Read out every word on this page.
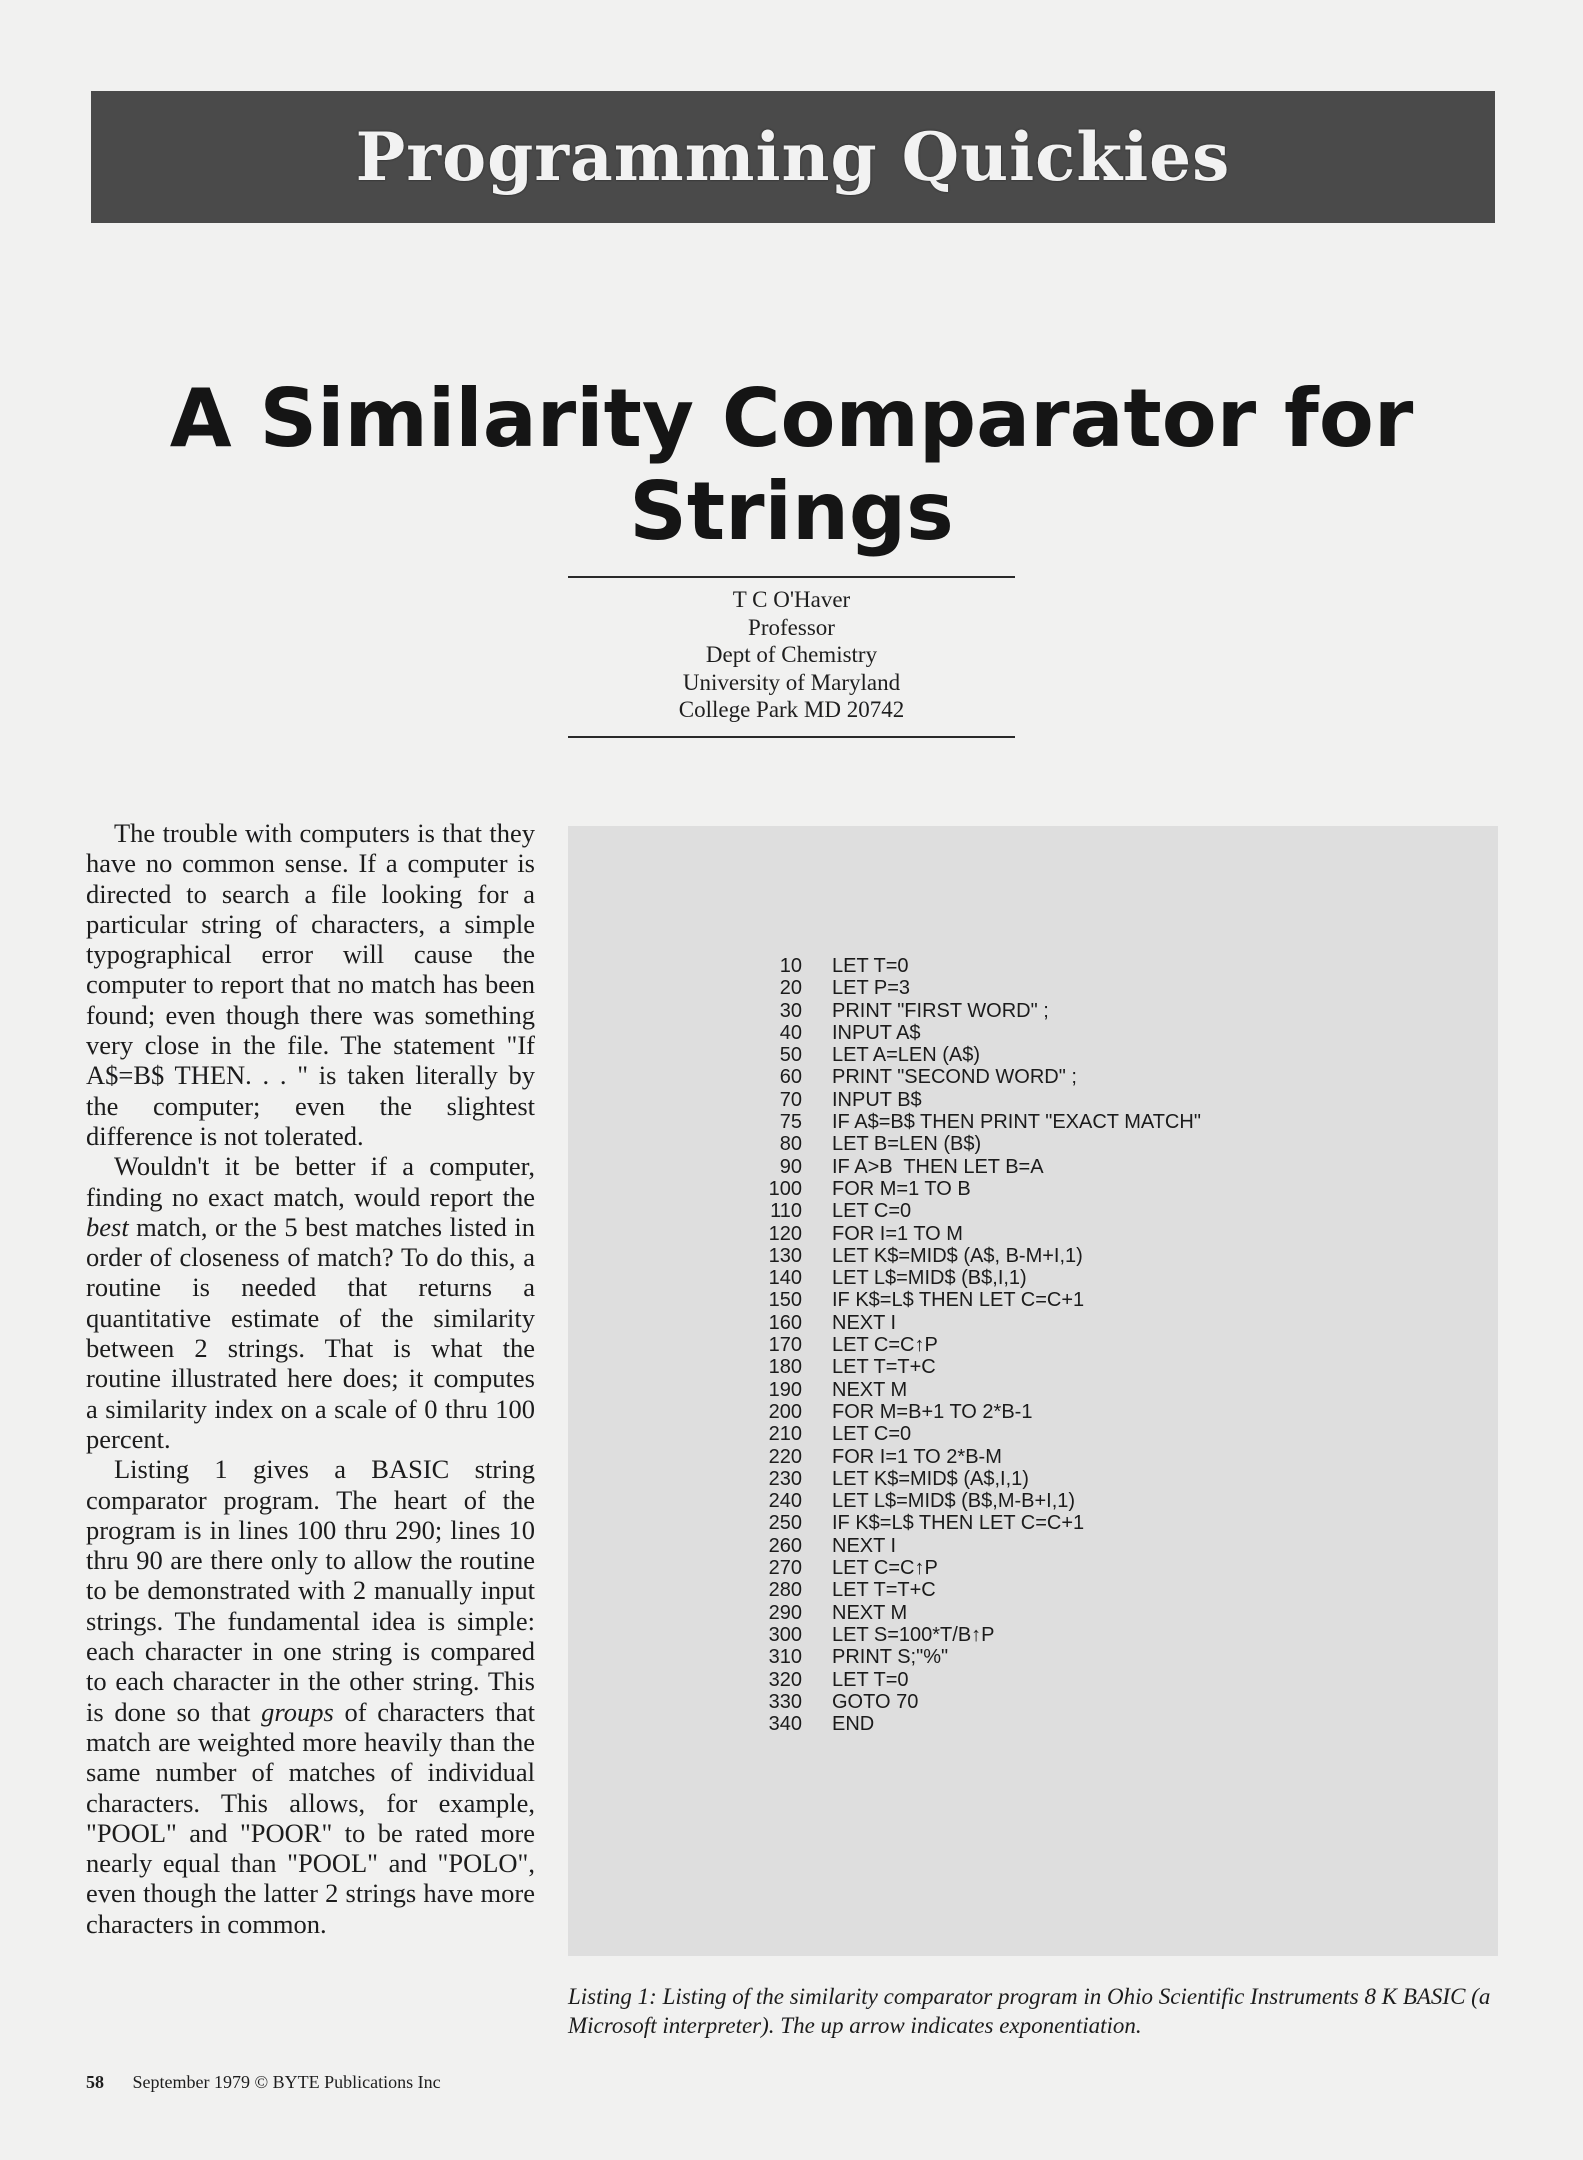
Programming Quickies
A Similarity Comparator for Strings
T C O'Haver
Professor
Dept of Chemistry
University of Maryland
College Park MD 20742

The trouble with computers is that they have no common sense. If a computer is directed to search a file looking for a particular string of characters, a simple typographical error will cause the computer to report that no match has been found; even though there was something very close in the file. The statement "If A$=B$ THEN. . . " is taken literally by the computer; even the slightest difference is not tolerated.

Wouldn't it be better if a computer, finding no exact match, would report the best match, or the 5 best matches listed in order of closeness of match? To do this, a routine is needed that returns a quantitative estimate of the similarity between 2 strings. That is what the routine illustrated here does; it computes a similarity index on a scale of 0 thru 100 percent.

Listing 1 gives a BASIC string comparator program. The heart of the program is in lines 100 thru 290; lines 10 thru 90 are there only to allow the routine to be demonstrated with 2 manually input strings. The fundamental idea is simple: each character in one string is compared to each character in the other string. This is done so that groups of characters that match are weighted more heavily than the same number of matches of individual characters. This allows, for example, "POOL" and "POOR" to be rated more nearly equal than "POOL" and "POLO", even though the latter 2 strings have more characters in common.

10 LET T=0
20 LET P=3
30 PRINT "FIRST WORD" ;
40 INPUT A$
50 LET A=LEN (A$)
60 PRINT "SECOND WORD" ;
70 INPUT B$
75 IF A$=B$ THEN PRINT "EXACT MATCH"
80 LET B=LEN (B$)
90 IF A>B  THEN LET B=A
100 FOR M=1 TO B
110 LET C=0
120 FOR I=1 TO M
130 LET K$=MID$ (A$, B-M+I,1)
140 LET L$=MID$ (B$,I,1)
150 IF K$=L$ THEN LET C=C+1
160 NEXT I
170 LET C=C↑P
180 LET T=T+C
190 NEXT M
200 FOR M=B+1 TO 2*B-1
210 LET C=0
220 FOR I=1 TO 2*B-M
230 LET K$=MID$ (A$,I,1)
240 LET L$=MID$ (B$,M-B+I,1)
250 IF K$=L$ THEN LET C=C+1
260 NEXT I
270 LET C=C↑P
280 LET T=T+C
290 NEXT M
300 LET S=100*T/B↑P
310 PRINT S;"%"
320 LET T=0
330 GOTO 70
340 END
Listing 1: Listing of the similarity comparator program in Ohio Scientific Instruments 8 K BASIC (a Microsoft interpreter). The up arrow indicates exponentiation.
58 September 1979 © BYTE Publications Inc
